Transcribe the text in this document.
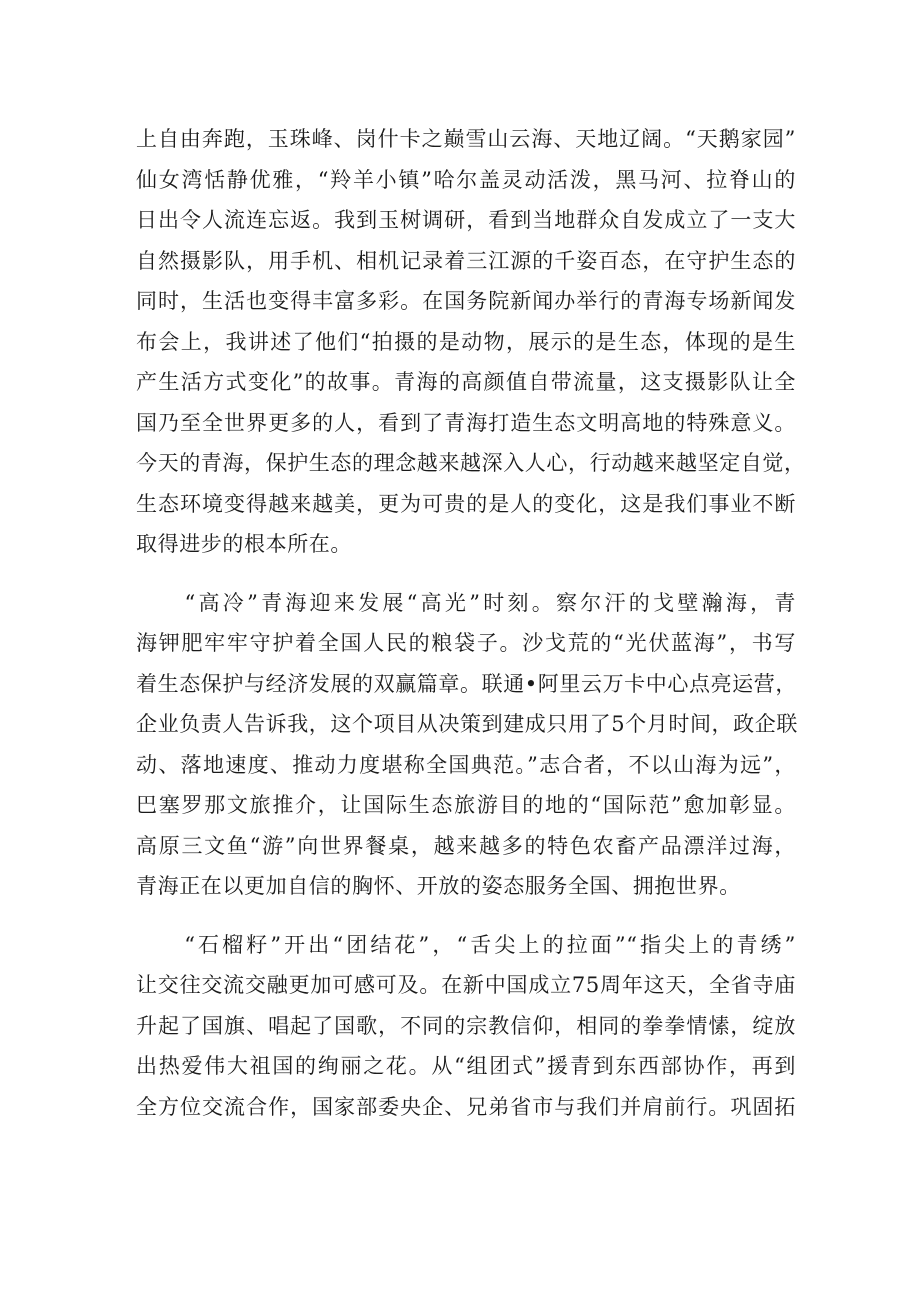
上自由奔跑，玉珠峰、岗什卡之巅雪山云海、天地辽阔。“天鹅家园”
仙女湾恬静优雅，“羚羊小镇”哈尔盖灵动活泼，黑马河、拉脊山的
日出令人流连忘返。我到玉树调研，看到当地群众自发成立了一支大
自然摄影队，用手机、相机记录着三江源的千姿百态，在守护生态的
同时，生活也变得丰富多彩。在国务院新闻办举行的青海专场新闻发
布会上，我讲述了他们“拍摄的是动物，展示的是生态，体现的是生
产生活方式变化”的故事。青海的高颜值自带流量，这支摄影队让全
国乃至全世界更多的人，看到了青海打造生态文明高地的特殊意义。
今天的青海，保护生态的理念越来越深入人心，行动越来越坚定自觉，
生态环境变得越来越美，更为可贵的是人的变化，这是我们事业不断
取得进步的根本所在。
　　“高冷”青海迎来发展“高光”时刻。察尔汗的戈壁瀚海，青
海钾肥牢牢守护着全国人民的粮袋子。沙戈荒的“光伏蓝海”，书写
着生态保护与经济发展的双赢篇章。联通•阿里云万卡中心点亮运营，
企业负责人告诉我，这个项目从决策到建成只用了5个月时间，政企联
动、落地速度、推动力度堪称全国典范。”志合者，不以山海为远”，
巴塞罗那文旅推介，让国际生态旅游目的地的“国际范”愈加彰显。
高原三文鱼“游”向世界餐桌，越来越多的特色农畜产品漂洋过海，
青海正在以更加自信的胸怀、开放的姿态服务全国、拥抱世界。
　　“石榴籽”开出“团结花”，“舌尖上的拉面”“指尖上的青绣”
让交往交流交融更加可感可及。在新中国成立75周年这天，全省寺庙
升起了国旗、唱起了国歌，不同的宗教信仰，相同的拳拳情愫，绽放
出热爱伟大祖国的绚丽之花。从“组团式”援青到东西部协作，再到
全方位交流合作，国家部委央企、兄弟省市与我们并肩前行。巩固拓
